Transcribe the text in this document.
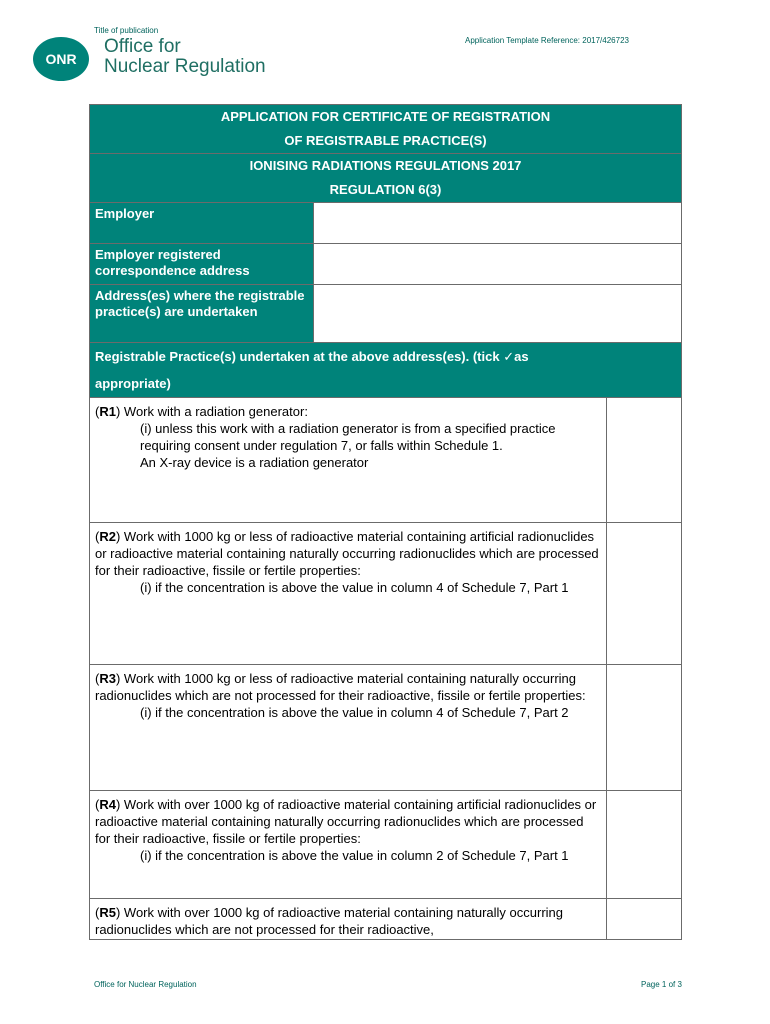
Title of publication
ONR
Office for
Nuclear Regulation
Application Template Reference: 2017/426723
APPLICATION FOR CERTIFICATE OF REGISTRATION
OF REGISTRABLE PRACTICE(S)		

IONISING RADIATIONS REGULATIONS 2017
REGULATION 6(3)		

Employer		
Employer registered correspondence address		
Address(es) where the registrable practice(s) are undertaken		

Registrable Practice(s) undertaken at the above address(es). (tick ✓as
appropriate)		

(R1) Work with a radiation generator:
(i) unless this work with a radiation generator is from a specified practice requiring consent under regulation 7, or falls within Schedule 1.
An X-ray device is a radiation generator		

(R2) Work with 1000 kg or less of radioactive material containing artificial radionuclides or radioactive material containing naturally occurring radionuclides which are processed for their radioactive, fissile or fertile properties:
(i) if the concentration is above the value in column 4 of Schedule 7, Part 1		

(R3) Work with 1000 kg or less of radioactive material containing naturally occurring radionuclides which are not processed for their radioactive, fissile or fertile properties:
(i) if the concentration is above the value in column 4 of Schedule 7, Part 2		

(R4) Work with over 1000 kg of radioactive material containing artificial radionuclides or radioactive material containing naturally occurring radionuclides which are processed for their radioactive, fissile or fertile properties:
(i) if the concentration is above the value in column 2 of Schedule 7, Part 1		

(R5) Work with over 1000 kg of radioactive material containing naturally occurring radionuclides which are not processed for their radioactive,		

Office for Nuclear Regulation	Page 1 of 3
